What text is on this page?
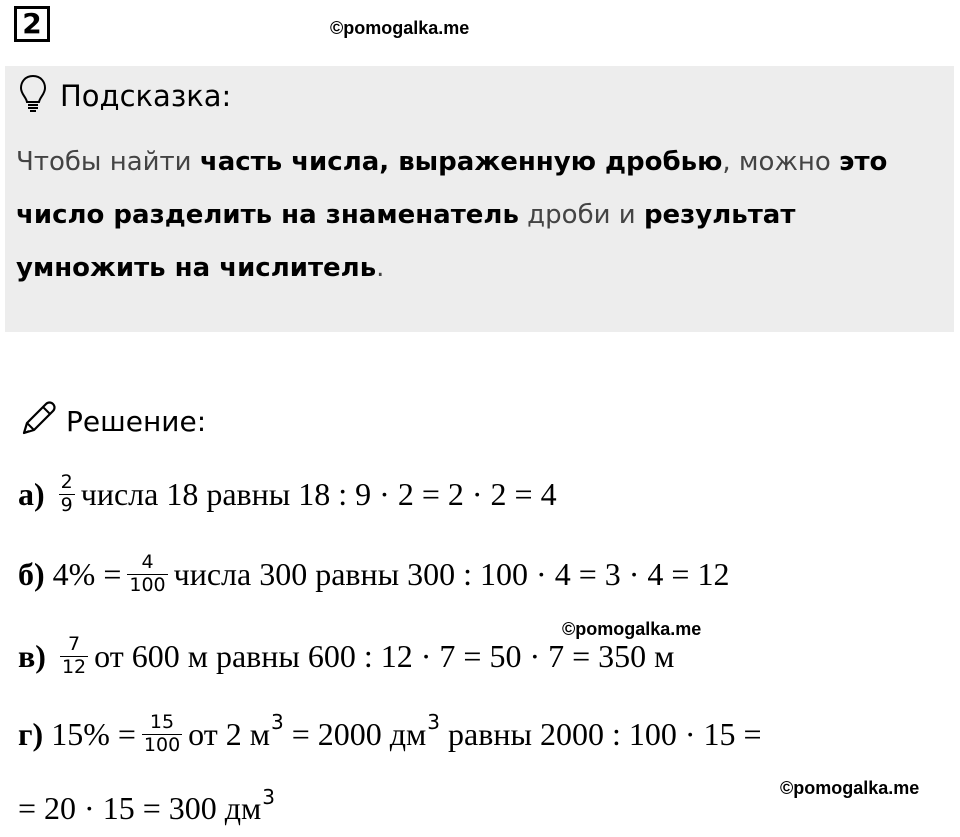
2	©pomogalka.me
Подсказка:
Чтобы найти часть числа, выраженную дробью, можно это число разделить на знаменатель дроби и результат умножить на числитель.
Решение:
$а) \frac{2}{9}$ числа 18 равны 18 : 9 · 2 = 2 · 2 = 4
б) $4\% = \frac{4}{100}$ числа 300 равны 300 : 100 · 4 = 3 · 4 = 12
©pomogalka.me
$в) \frac{7}{12}$ от 600 м равны 600 : 12 · 7 = 50 · 7 = 350 м
г) $15\% = \frac{15}{100}$ от 2 м 3 = 2000 дм 3 равны 2000 : 100 · 15 =
©pomogalka.me
= 20 · 15 = 300 дм 3
